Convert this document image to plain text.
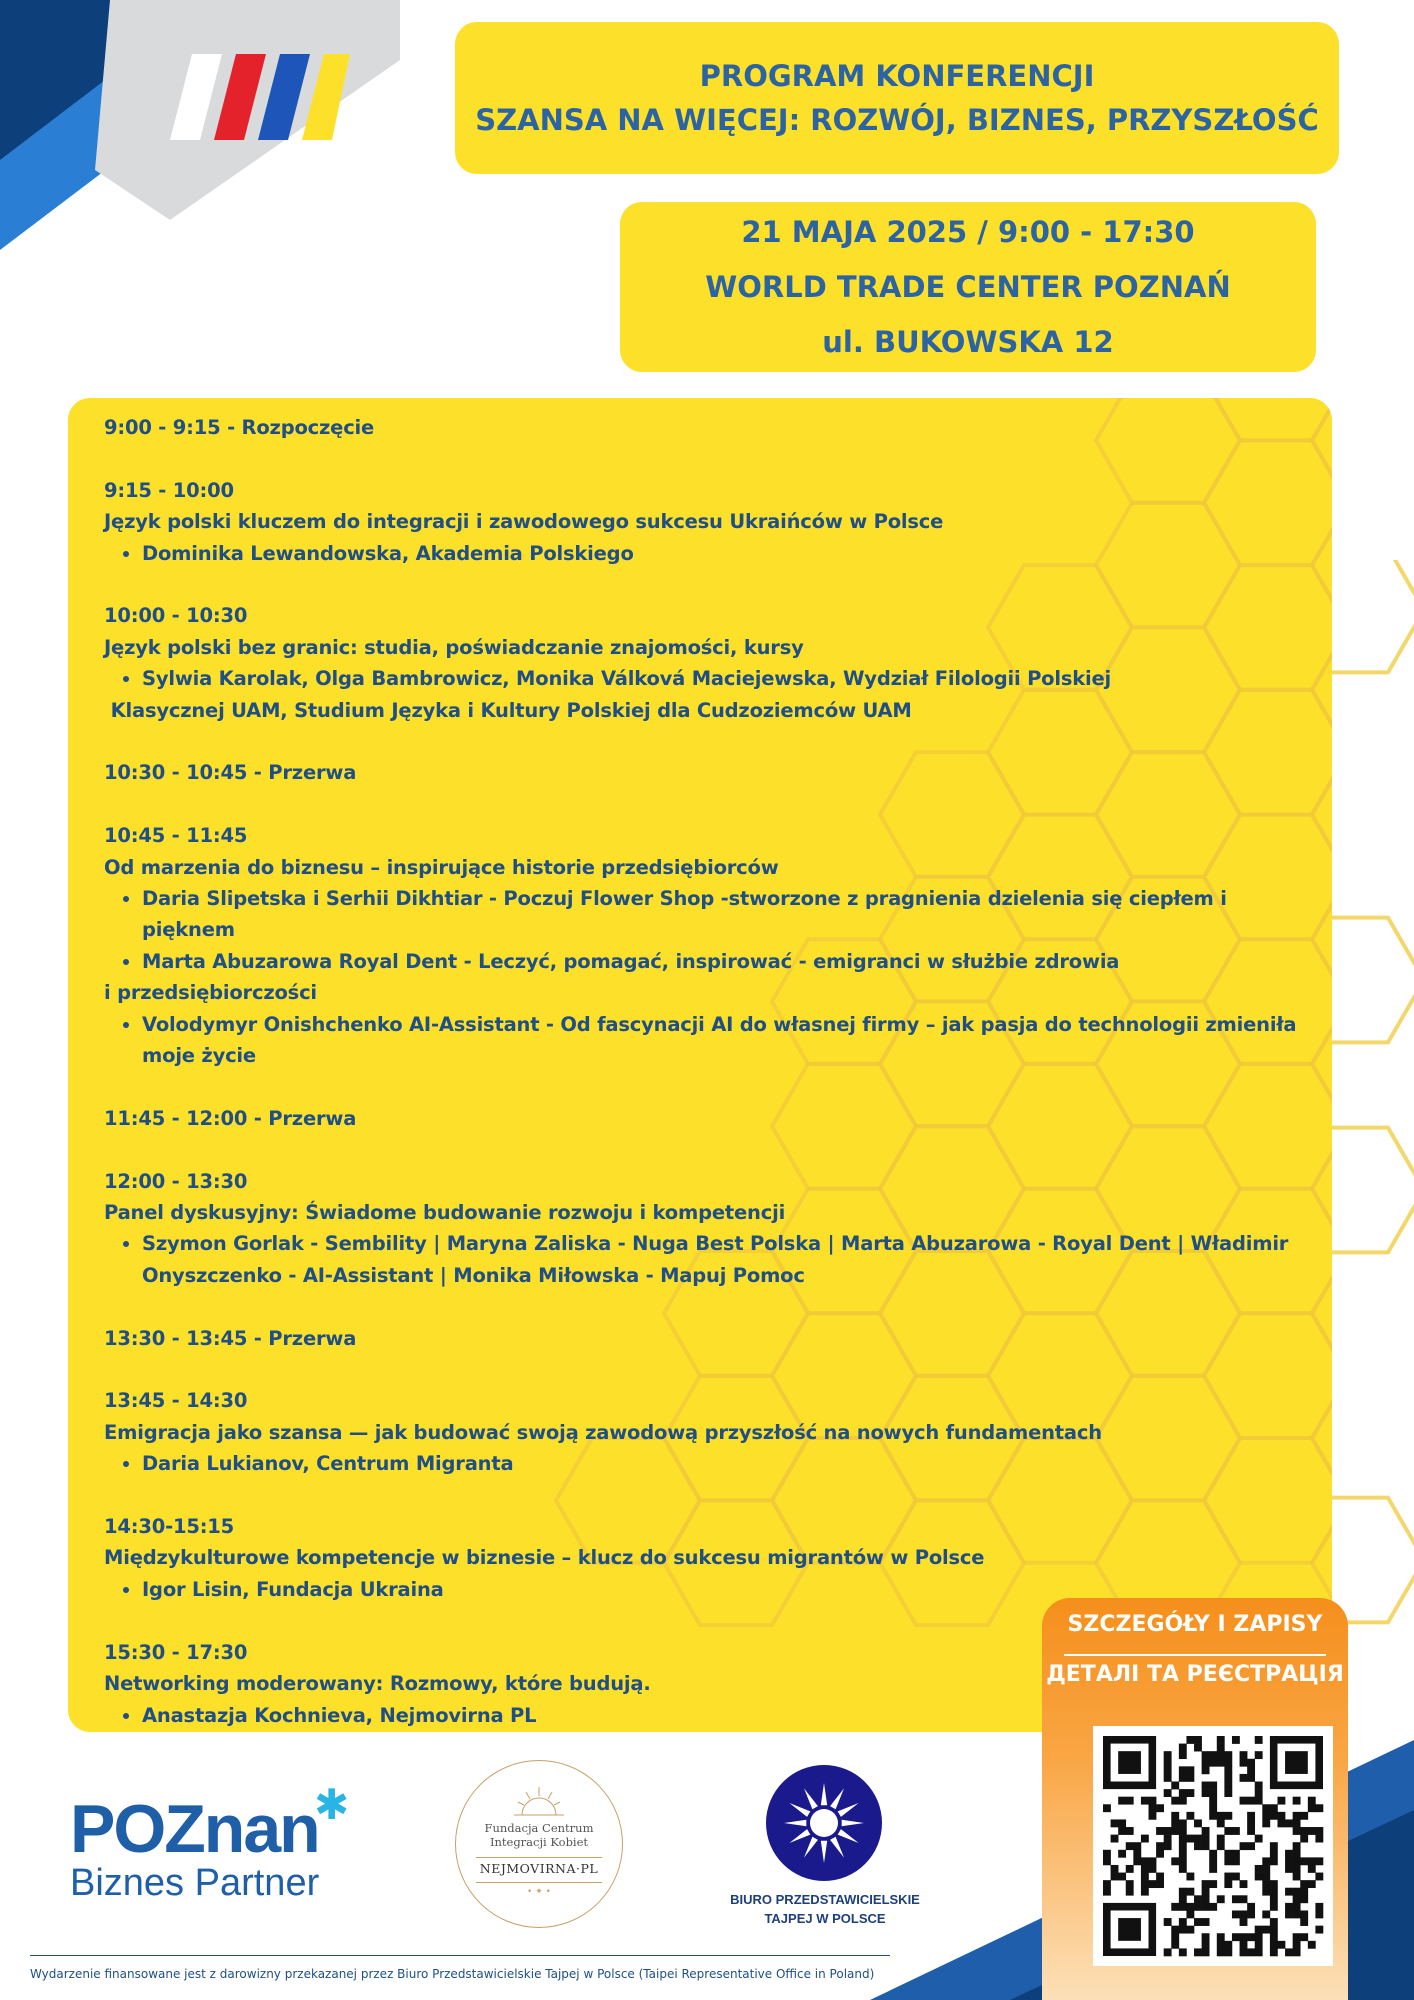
PROGRAM KONFERENCJI
SZANSA NA WIĘCEJ: ROZWÓJ, BIZNES, PRZYSZŁOŚĆ
21 MAJA 2025 / 9:00 - 17:30
WORLD TRADE CENTER POZNAŃ
ul. BUKOWSKA 12

9:00 - 9:15 - Rozpoczęcie

9:15 - 10:00

Język polski kluczem do integracji i zawodowego sukcesu Ukraińców w Polsce

• Dominika Lewandowska, Akademia Polskiego

10:00 - 10:30

Język polski bez granic: studia, poświadczanie znajomości, kursy

• Sylwia Karolak, Olga Bambrowicz, Monika Válková Maciejewska, Wydział Filologii Polskiej

Klasycznej UAM, Studium Języka i Kultury Polskiej dla Cudzoziemców UAM

10:30 - 10:45 - Przerwa

10:45 - 11:45

Od marzenia do biznesu – inspirujące historie przedsiębiorców

• Daria Slipetska i Serhii Dikhtiar - Poczuj Flower Shop -stworzone z pragnienia dzielenia się ciepłem i pięknem
• Marta Abuzarowa Royal Dent - Leczyć, pomagać, inspirować - emigranci w służbie zdrowia

i przedsiębiorczości

• Volodymyr Onishchenko AI-Assistant - Od fascynacji AI do własnej firmy – jak pasja do technologii zmieniła moje życie

11:45 - 12:00 - Przerwa

12:00 - 13:30

Panel dyskusyjny: Świadome budowanie rozwoju i kompetencji

• Szymon Gorlak - Sembility | Maryna Zaliska - Nuga Best Polska | Marta Abuzarowa - Royal Dent | Władimir Onyszczenko - AI-Assistant | Monika Miłowska - Mapuj Pomoc

13:30 - 13:45 - Przerwa

13:45 - 14:30

Emigracja jako szansa — jak budować swoją zawodową przyszłość na nowych fundamentach

• Daria Lukianov, Centrum Migranta

14:30-15:15

Międzykulturowe kompetencje w biznesie – klucz do sukcesu migrantów w Polsce

• Igor Lisin, Fundacja Ukraina

15:30 - 17:30

Networking moderowany: Rozmowy, które budują.

• Anastazja Kochnieva, Nejmovirna PL
SZCZEGÓŁY I ZAPISY
ДЕТАЛІ ТА РЕЄСТРАЦІЯ
POZnan
✱
Biznes Partner
Fundacja Centrum
Integracji Kobiet
NEJMOVIRNA·PL
• ✦ •	BIURO PRZEDSTAWICIELSKIE
TAJPEJ W POLSCE
Wydarzenie finansowane jest z darowizny przekazanej przez Biuro Przedstawicielskie Tajpej w Polsce (Taipei Representative Office in Poland)
